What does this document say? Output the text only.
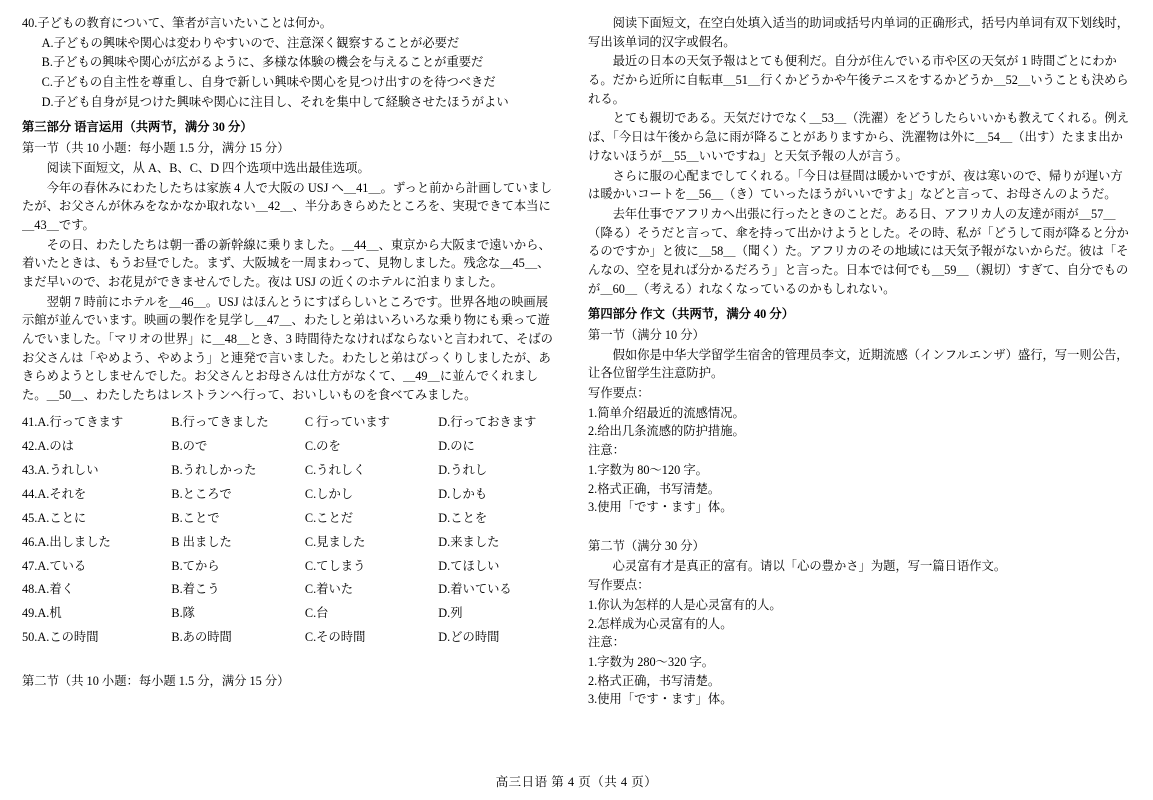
40.子どもの教育について、筆者が言いたいことは何か。

A.子どもの興味や関心は変わりやすいので、注意深く観察することが必要だ

B.子どもの興味や関心が広がるように、多様な体験の機会を与えることが重要だ

C.子どもの自主性を尊重し、自身で新しい興味や関心を見つけ出すのを待つべきだ

D.子ども自身が見つけた興味や関心に注目し、それを集中して経験させたほうがよい

第三部分 语言运用（共两节，满分 30 分）

第一节（共 10 小题：每小题 1.5 分，满分 15 分）

阅读下面短文，从 A、B、C、D 四个选项中选出最佳选项。

今年の春休みにわたしたちは家族 4 人で大阪の USJ へ＿41＿。ずっと前から計画していましたが、お父さんが休みをなかなか取れない＿42＿、半分あきらめたところを、実現できて本当に＿43＿です。

その日、わたしたちは朝一番の新幹線に乗りました。＿44＿、東京から大阪まで遠いから、着いたときは、もうお昼でした。まず、大阪城を一周まわって、見物しました。残念な＿45＿、まだ早いので、お花見ができませんでした。夜は USJ の近くのホテルに泊まりました。

翌朝 7 時前にホテルを＿46＿。USJ はほんとうにすばらしいところです。世界各地の映画展示館が並んでいます。映画の製作を見学し＿47＿、わたしと弟はいろいろな乗り物にも乗って遊んでいました。「マリオの世界」に＿48＿とき、3 時間待たなければならないと言われて、そばのお父さんは「やめよう、やめよう」と連発で言いました。わたしと弟はびっくりしましたが、あきらめようとしませんでした。お父さんとお母さんは仕方がなくて、＿49＿に並んでくれました。＿50＿、わたしたちはレストランへ行って、おいしいものを食べてみました。

41.A.行ってきます	B.行ってきました	C 行っています	D.行っておきます
42.A.のは	B.ので	C.のを	D.のに
43.A.うれしい	B.うれしかった	C.うれしく	D.うれし
44.A.それを	B.ところで	C.しかし	D.しかも
45.A.ことに	B.ことで	C.ことだ	D.ことを
46.A.出しました	B 出ました	C.見ました	D.来ました
47.A.ている	B.てから	C.てしまう	D.てほしい
48.A.着く	B.着こう	C.着いた	D.着いている
49.A.机	B.隊	C.台	D.列
50.A.この時間	B.あの時間	C.その時間	D.どの時間

第二节（共 10 小题：每小题 1.5 分，满分 15 分）

阅读下面短文，在空白处填入适当的助词或括号内单词的正确形式，括号内单词有双下划线时，写出该单词的汉字或假名。

最近の日本の天気予報はとても便利だ。自分が住んでいる市や区の天気が 1 時間ごとにわかる。だから近所に自転車＿51＿行くかどうかや午後テニスをするかどうか＿52＿いうことも決められる。

とても親切である。天気だけでなく＿53＿（洗濯）をどうしたらいいかも教えてくれる。例えば、「今日は午後から急に雨が降ることがありますから、洗濯物は外に＿54＿（出す）たまま出かけないほうが＿55＿いいですね」と天気予報の人が言う。

さらに服の心配までしてくれる。「今日は昼間は暖かいですが、夜は寒いので、帰りが遅い方は暖かいコートを＿56＿（き）ていったほうがいいですよ」などと言って、お母さんのようだ。

去年仕事でアフリカへ出張に行ったときのことだ。ある日、アフリカ人の友達が雨が＿57＿（降る）そうだと言って、傘を持って出かけようとした。その時、私が「どうして雨が降ると分かるのですか」と彼に＿58＿（聞く）た。アフリカのその地域には天気予報がないからだ。彼は「そんなの、空を見れば分かるだろう」と言った。日本では何でも＿59＿（親切）すぎて、自分でもの が＿60＿（考える）れなくなっているのかもしれない。

第四部分 作文（共两节，满分 40 分）

第一节（满分 10 分）

假如你是中华大学留学生宿舍的管理员李文，近期流感（インフルエンザ）盛行，写一则公告，让各位留学生注意防护。

写作要点：

1.简单介绍最近的流感情况。

2.给出几条流感的防护措施。

注意：

1.字数为 80～120 字。

2.格式正确，书写清楚。

3.使用「です・ます」体。

第二节（满分 30 分）

心灵富有才是真正的富有。请以「心の豊かさ」为题，写一篇日语作文。

写作要点：

1.你认为怎样的人是心灵富有的人。

2.怎样成为心灵富有的人。

注意：

1.字数为 280～320 字。

2.格式正确，书写清楚。

3.使用「です・ます」体。

高三日语 第 4 页（共 4 页）
